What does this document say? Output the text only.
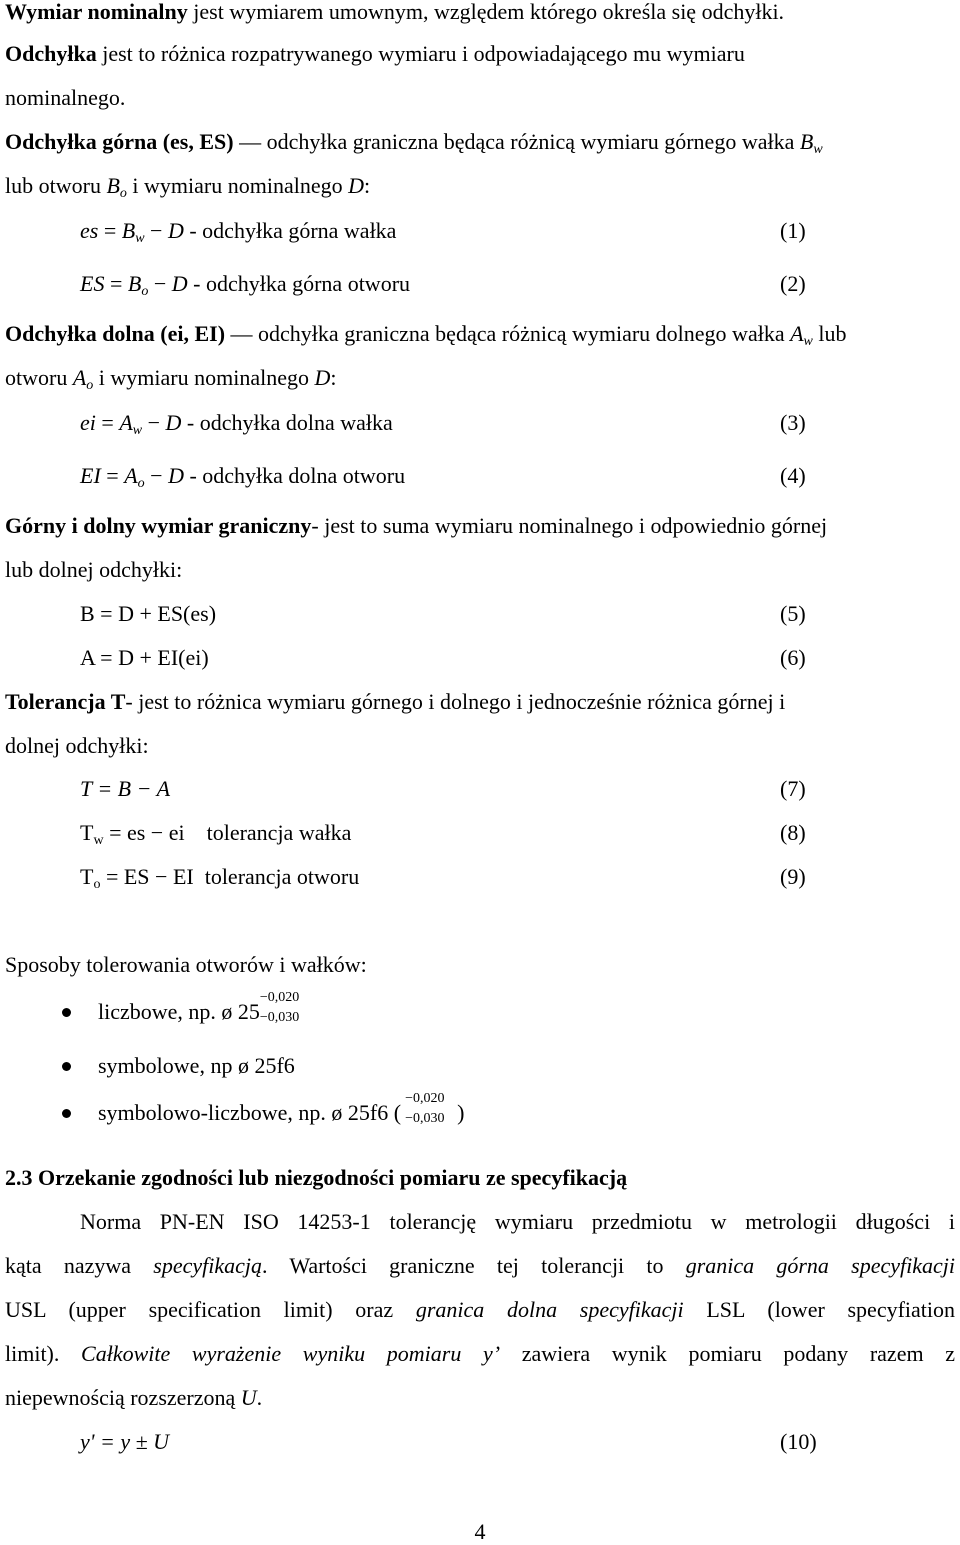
Wymiar nominalny jest wymiarem umownym, względem którego określa się odchyłki.
Odchyłka jest to różnica rozpatrywanego wymiaru i odpowiadającego mu wymiaru
nominalnego.
Odchyłka górna (es, ES) — odchyłka graniczna będąca różnicą wymiaru górnego wałka $B_w$
lub otworu $B_o$ i wymiaru nominalnego D:
es = $B_w - D$ - odchyłka górna wałka	(1)
ES = $B_o - D$ - odchyłka górna otworu	(2)
Odchyłka dolna (ei, EI) — odchyłka graniczna będąca różnicą wymiaru dolnego wałka $A_w$ lub
otworu $A_o$ i wymiaru nominalnego D:
ei = $A_w - D$ - odchyłka dolna wałka	(3)
EI = $A_o - D$ - odchyłka dolna otworu	(4)
Górny i dolny wymiar graniczny- jest to suma wymiaru nominalnego i odpowiednio górnej
lub dolnej odchyłki:
B = D + ES(es)	(5)
A = D + EI(ei)	(6)
Tolerancja T- jest to różnica wymiaru górnego i dolnego i jednocześnie różnica górnej i
dolnej odchyłki:
T = B − A	(7)
$T_w$ = es − ei    tolerancja wałka	(8)
$T_o$ = ES − EI  tolerancja otworu	(9)
Sposoby tolerowania otworów i wałków:
liczbowe, np. ø 25
−0,020
−0,030
symbolowe, np ø 25f6
symbolowo-liczbowe, np. ø 25f6 (
−0,020
−0,030 )
2.3 Orzekanie zgodności lub niezgodności pomiaru ze specyfikacją
Norma PN-EN ISO 14253-1 tolerancję wymiaru przedmiotu w metrologii długości i
kąta nazywa specyfikacją. Wartości graniczne tej tolerancji to granica górna specyfikacji
USL (upper specification limit) oraz granica dolna specyfikacji LSL (lower specyfiation
limit). Całkowite wyrażenie wyniku pomiaru y’ zawiera wynik pomiaru podany razem z
niepewnością rozszerzoną U.
y' = y ± U	(10)
4
